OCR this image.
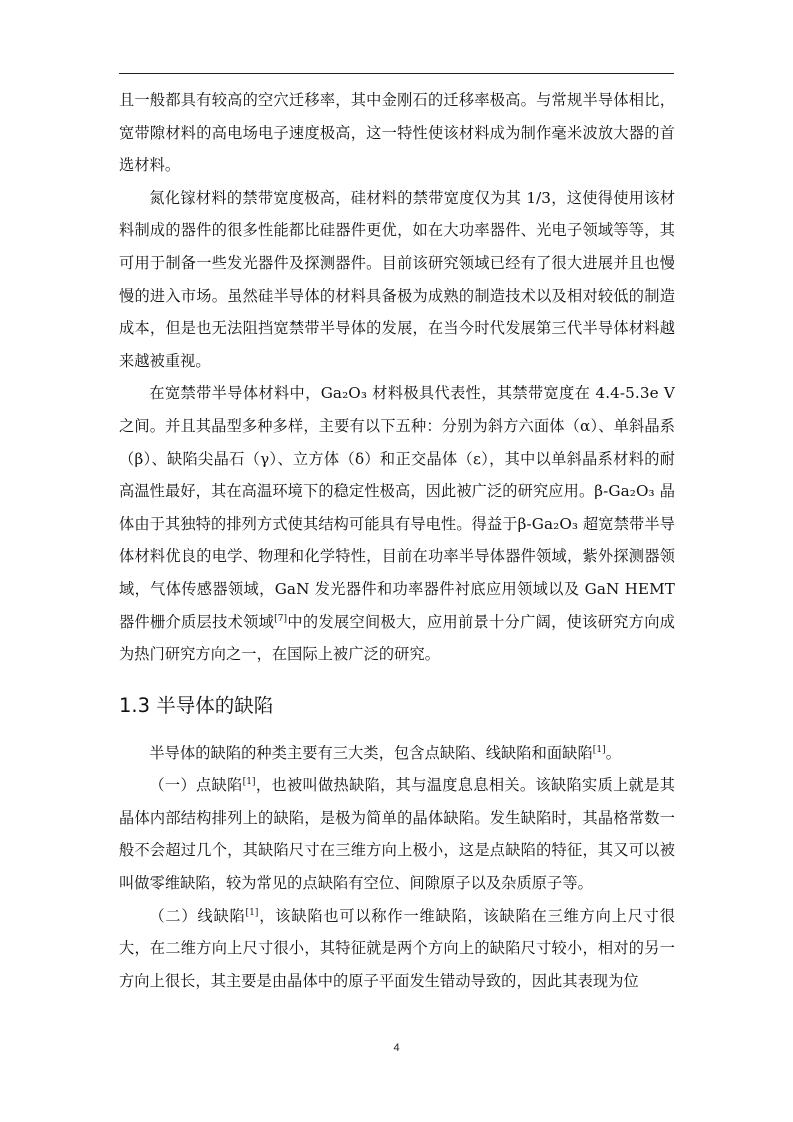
且一般都具有较高的空穴迁移率，其中金刚石的迁移率极高。与常规半导体相比，宽带隙材料的高电场电子速度极高，这一特性使该材料成为制作毫米波放大器的首选材料。

氮化镓材料的禁带宽度极高，硅材料的禁带宽度仅为其 1/3，这使得使用该材料制成的器件的很多性能都比硅器件更优，如在大功率器件、光电子领域等等，其可用于制备一些发光器件及探测器件。目前该研究领域已经有了很大进展并且也慢慢的进入市场。虽然硅半导体的材料具备极为成熟的制造技术以及相对较低的制造成本，但是也无法阻挡宽禁带半导体的发展，在当今时代发展第三代半导体材料越来越被重视。

在宽禁带半导体材料中，Ga₂O₃ 材料极具代表性，其禁带宽度在 4.4-5.3e V 之间。并且其晶型多种多样，主要有以下五种：分别为斜方六面体（α）、单斜晶系（β）、缺陷尖晶石（γ）、立方体（δ）和正交晶体（ε），其中以单斜晶系材料的耐高温性最好，其在高温环境下的稳定性极高，因此被广泛的研究应用。β-Ga₂O₃ 晶体由于其独特的排列方式使其结构可能具有导电性。得益于β-Ga₂O₃ 超宽禁带半导体材料优良的电学、物理和化学特性，目前在功率半导体器件领域，紫外探测器领域，气体传感器领域，GaN 发光器件和功率器件衬底应用领域以及 GaN HEMT 器件栅介质层技术领域[7]中的发展空间极大，应用前景十分广阔，使该研究方向成为热门研究方向之一，在国际上被广泛的研究。

1.3 半导体的缺陷

半导体的缺陷的种类主要有三大类，包含点缺陷、线缺陷和面缺陷[1]。

（一）点缺陷[1]，也被叫做热缺陷，其与温度息息相关。该缺陷实质上就是其晶体内部结构排列上的缺陷，是极为简单的晶体缺陷。发生缺陷时，其晶格常数一般不会超过几个，其缺陷尺寸在三维方向上极小，这是点缺陷的特征，其又可以被叫做零维缺陷，较为常见的点缺陷有空位、间隙原子以及杂质原子等。

（二）线缺陷[1]，该缺陷也可以称作一维缺陷，该缺陷在三维方向上尺寸很大，在二维方向上尺寸很小，其特征就是两个方向上的缺陷尺寸较小，相对的另一方向上很长，其主要是由晶体中的原子平面发生错动导致的，因此其表现为位

4
